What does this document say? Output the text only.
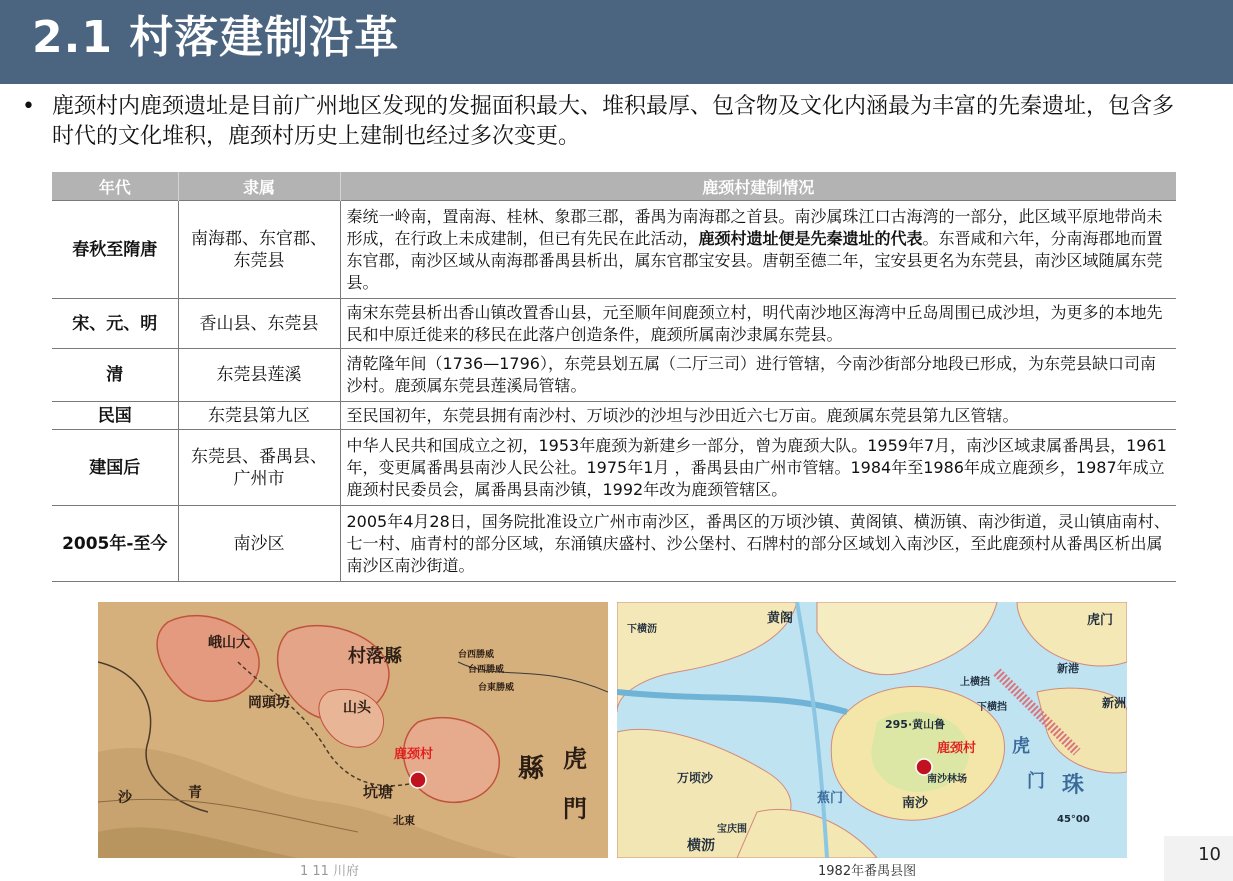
2.1 村落建制沿革
• 鹿颈村内鹿颈遗址是目前广州地区发现的发掘面积最大、堆积最厚、包含物及文化内涵最为丰富的先秦遗址，包含多时代的文化堆积，鹿颈村历史上建制也经过多次变更。
年代	隶属	鹿颈村建制情况
春秋至隋唐	南海郡、东官郡、东莞县	秦统一岭南，置南海、桂林、象郡三郡，番禺为南海郡之首县。南沙属珠江口古海湾的一部分，此区域平原地带尚未形成，在行政上未成建制，但已有先民在此活动，鹿颈村遗址便是先秦遗址的代表。东晋咸和六年，分南海郡地而置东官郡，南沙区域从南海郡番禺县析出，属东官郡宝安县。唐朝至德二年，宝安县更名为东莞县，南沙区域随属东莞县。
宋、元、明	香山县、东莞县	南宋东莞县析出香山镇改置香山县，元至顺年间鹿颈立村，明代南沙地区海湾中丘岛周围已成沙坦，为更多的本地先民和中原迁徙来的移民在此落户创造条件，鹿颈所属南沙隶属东莞县。
清	东莞县莲溪	清乾隆年间（1736—1796），东莞县划五属（二厅三司）进行管辖，今南沙街部分地段已形成，为东莞县缺口司南沙村。鹿颈属东莞县莲溪局管辖。
民国	东莞县第九区	至民国初年，东莞县拥有南沙村、万顷沙的沙坦与沙田近六七万亩。鹿颈属东莞县第九区管辖。
建国后	东莞县、番禺县、广州市	中华人民共和国成立之初，1953年鹿颈为新建乡一部分，曾为鹿颈大队。1959年7月，南沙区域隶属番禺县，1961年，变更属番禺县南沙人民公社。1975年1月 ，番禺县由广州市管辖。1984年至1986年成立鹿颈乡，1987年成立鹿颈村民委员会，属番禺县南沙镇，1992年改为鹿颈管辖区。
2005年-至今	南沙区	2005年4月28日，国务院批准设立广州市南沙区，番禺区的万顷沙镇、黄阁镇、横沥镇、南沙街道，灵山镇庙南村、七一村、庙青村的部分区域，东涌镇庆盛村、沙公堡村、石牌村的部分区域划入南沙区，至此鹿颈村从番禺区析出属南沙区南沙街道。
村落縣
縣 虎
門
峨山大
沙	青
岡頭坊
台西勝威
台西勝威
台東勝威
坑塘
北東
山头
鹿颈村
黄阁	虎门
上横挡
下横挡
295·黄山鲁
南沙
新洲
新港
珠
45°00
万顷沙
横沥
蕉门
虎
门
南沙林场
下横沥
宝庆围
鹿颈村
1 11 川府	1982年番禺县图
10
